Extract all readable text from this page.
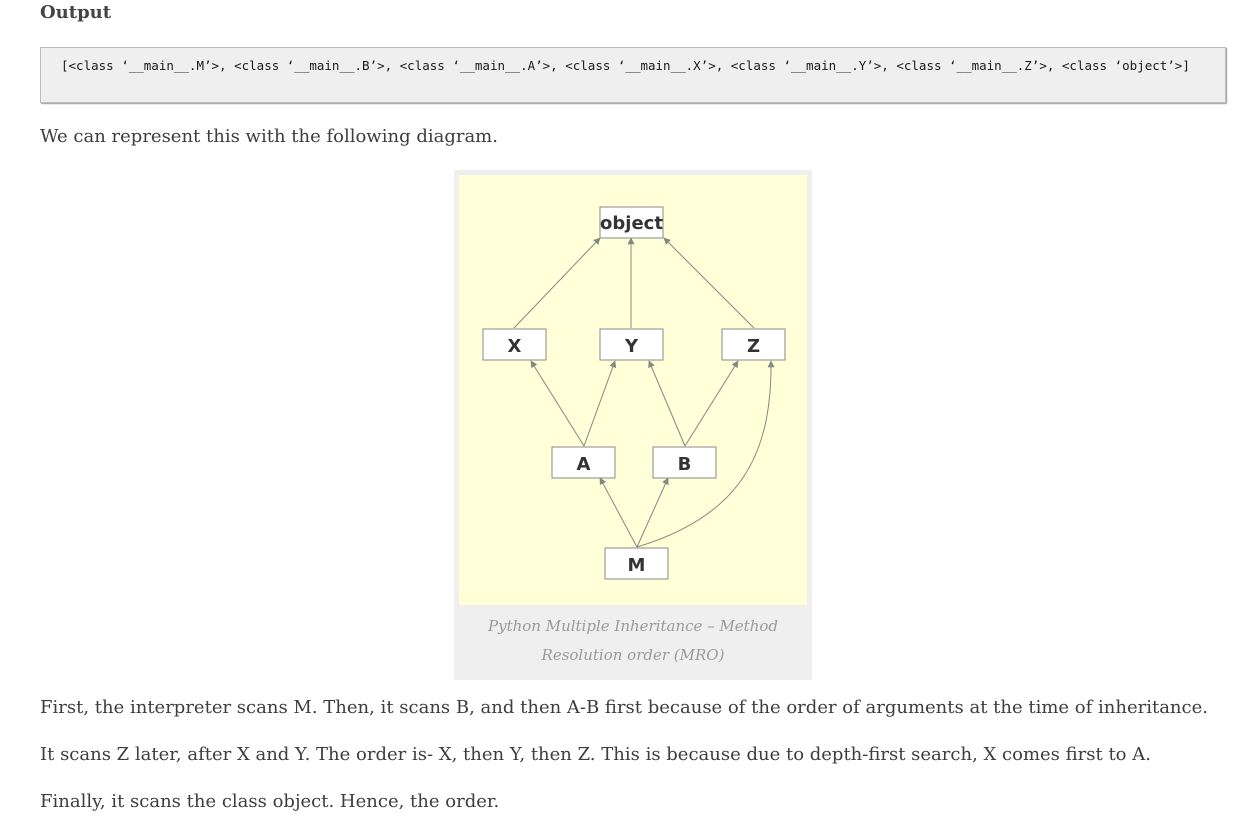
Output
[<class ‘__main__.M’>, <class ‘__main__.B’>, <class ‘__main__.A’>, <class ‘__main__.X’>, <class ‘__main__.Y’>, <class ‘__main__.Z’>, <class ‘object’>]

We can represent this with the following diagram.

object
X	Y	Z
A	B
M
Python Multiple Inheritance – Method
Resolution order (MRO)

First, the interpreter scans M. Then, it scans B, and then A-B first because of the order of arguments at the time of inheritance.

It scans Z later, after X and Y. The order is- X, then Y, then Z. This is because due to depth-first search, X comes first to A.

Finally, it scans the class object. Hence, the order.
